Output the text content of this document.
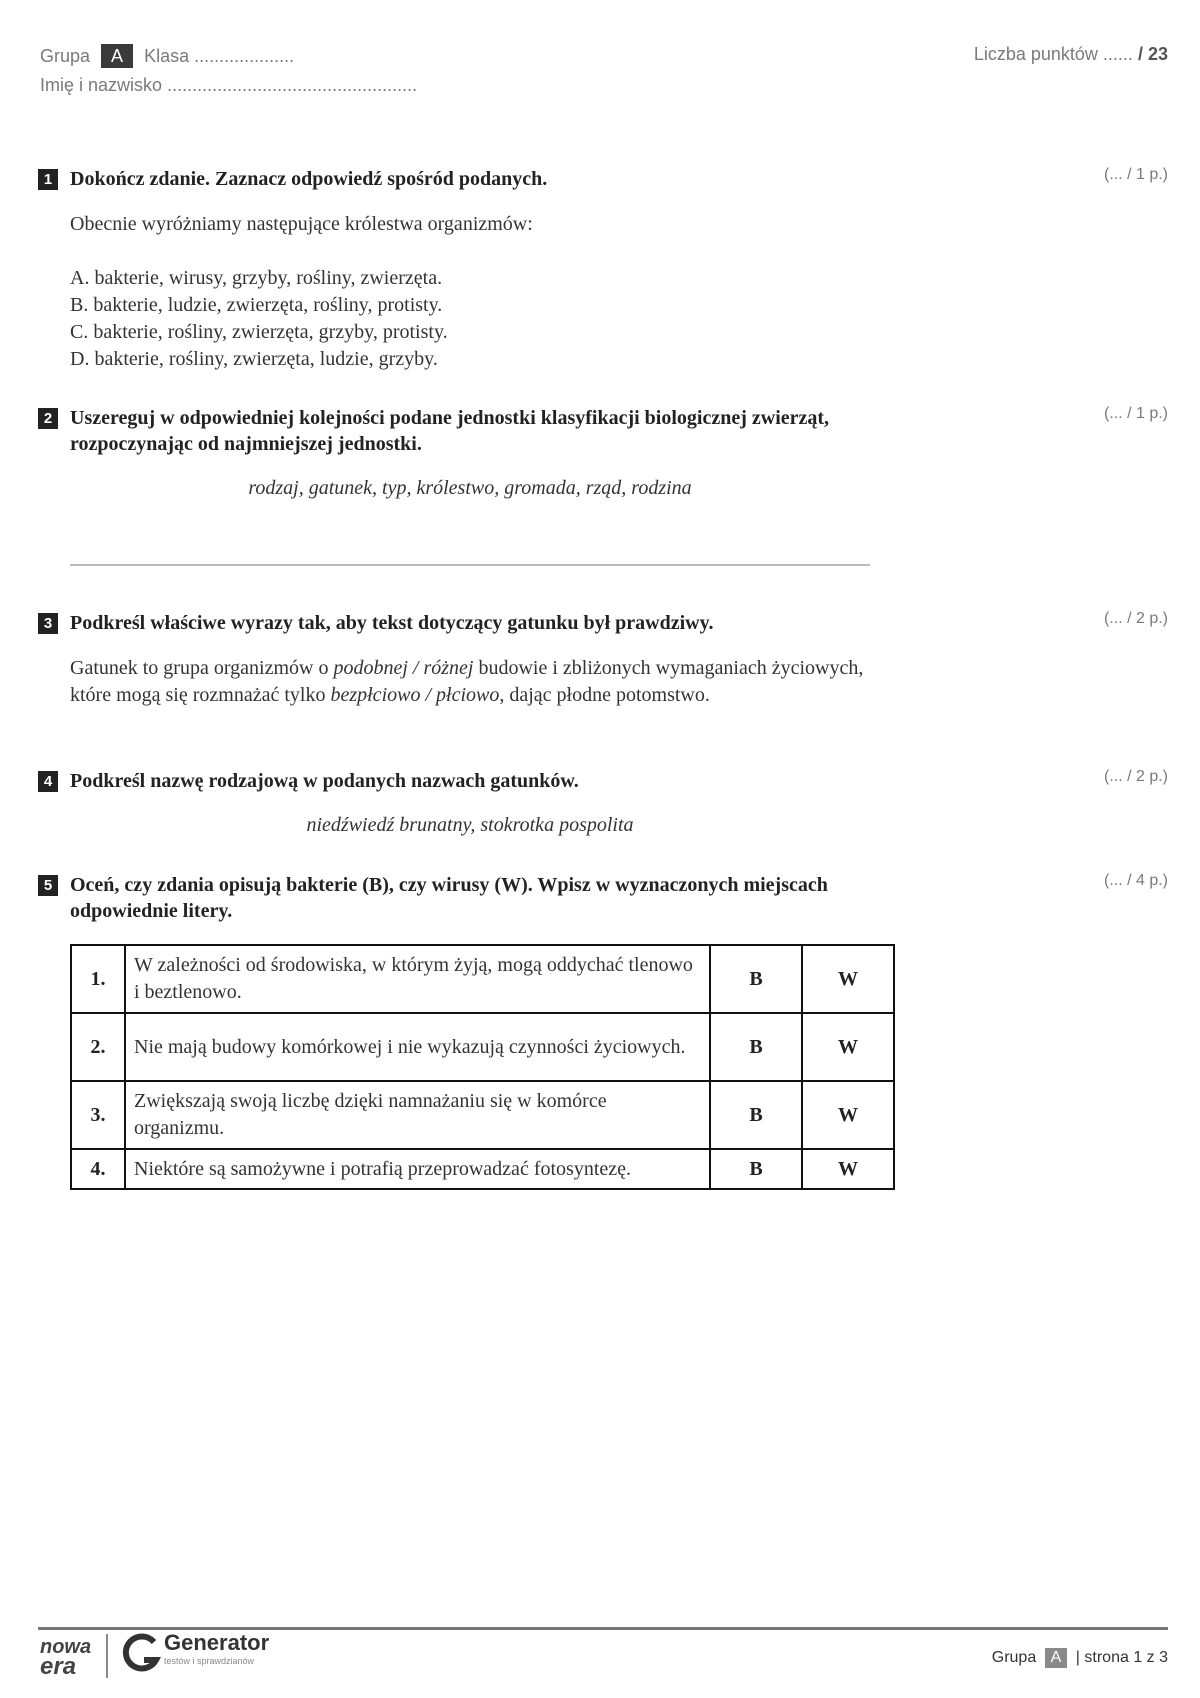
Grupa A Klasa ....................
Imię i nazwisko ..................................................
Liczba punktów ...... / 23
1 Dokończ zdanie. Zaznacz odpowiedź spośród podanych.	(... / 1 p.)
Obecnie wyróżniamy następujące królestwa organizmów:
A. bakterie, wirusy, grzyby, rośliny, zwierzęta.
B. bakterie, ludzie, zwierzęta, rośliny, protisty.
C. bakterie, rośliny, zwierzęta, grzyby, protisty.
D. bakterie, rośliny, zwierzęta, ludzie, grzyby.
2 Uszereguj w odpowiedniej kolejności podane jednostki klasyfikacji biologicznej zwierząt, rozpoczynając od najmniejszej jednostki.
(... / 1 p.)
rodzaj, gatunek, typ, królestwo, gromada, rząd, rodzina
3 Podkreśl właściwe wyrazy tak, aby tekst dotyczący gatunku był prawdziwy.	(... / 2 p.)
Gatunek to grupa organizmów o podobnej / różnej budowie i zbliżonych wymaganiach życiowych, które mogą się rozmnażać tylko bezpłciowo / płciowo, dając płodne potomstwo.
4 Podkreśl nazwę rodzajową w podanych nazwach gatunków.	(... / 2 p.)
niedźwiedź brunatny, stokrotka pospolita
5 Oceń, czy zdania opisują bakterie (B), czy wirusy (W). Wpisz w wyznaczonych miejscach odpowiednie litery.
(... / 4 p.)
1.	W zależności od środowiska, w którym żyją, mogą oddychać tlenowo i beztlenowo.	B	W
2.	Nie mają budowy komórkowej i nie wykazują czynności życiowych.	B	W
3.	Zwiększają swoją liczbę dzięki namnażaniu się w komórce organizmu.	B	W
4.	Niektóre są samożywne i potrafią przeprowadzać fotosyntezę.	B	W
nowa
era
Generator
testów i sprawdzianów	Grupa A | strona 1 z 3
